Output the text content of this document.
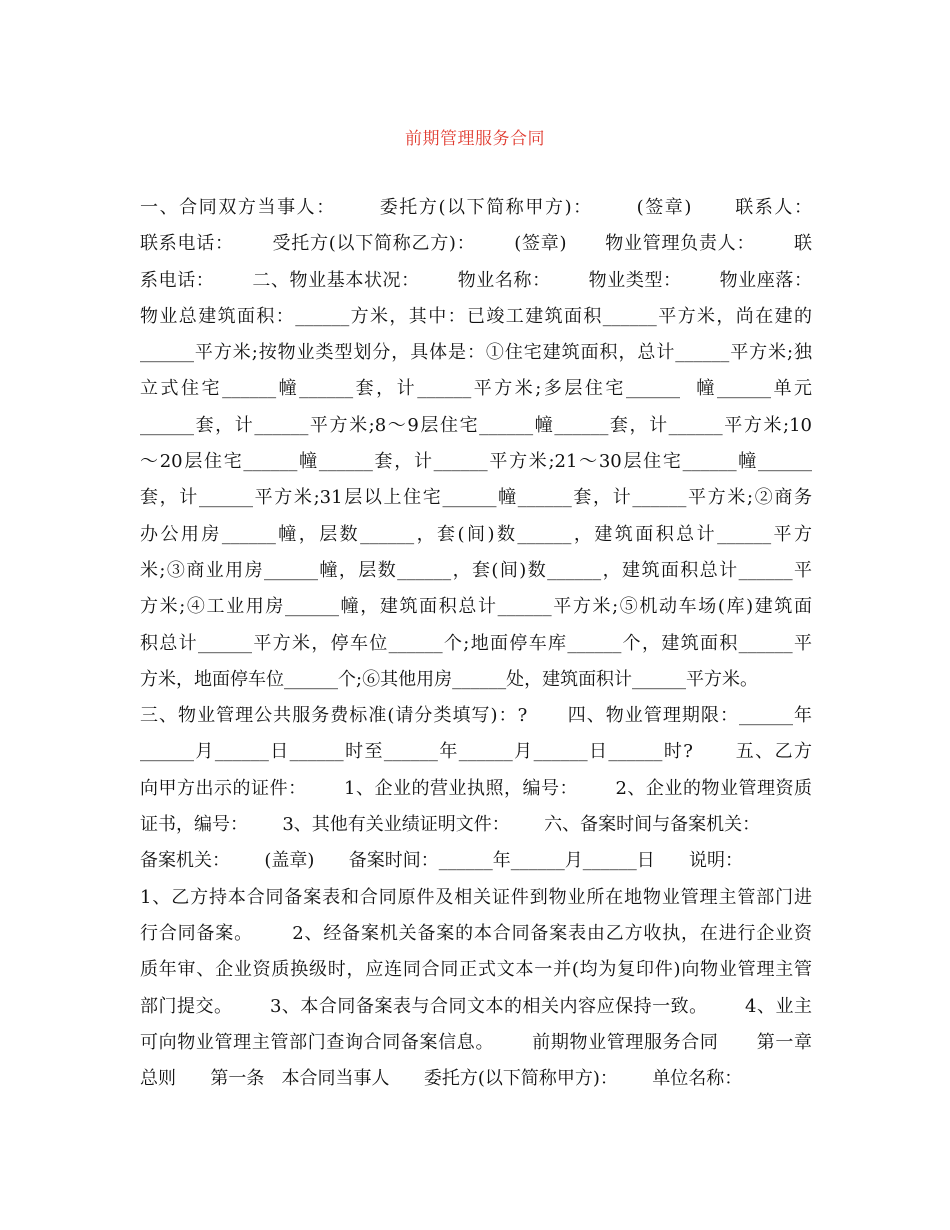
前期管理服务合同
一、合同双方当事人：      委托方(以下简称甲方)：      (签章)      联系人：
联系电话：      受托方(以下简称乙方)：      (签章)      物业管理负责人：      联
系电话：      二、物业基本状况：      物业名称：      物业类型：      物业座落：
物业总建筑面积：______方米，其中：已竣工建筑面积______平方米，尚在建的
______平方米;按物业类型划分，具体是：①住宅建筑面积，总计______平方米;独
立式住宅______幢______套，计______平方米;多层住宅______  幢______单元
______套，计______平方米;8～9层住宅______幢______套，计______平方米;10
～20层住宅______幢______套，计______平方米;21～30层住宅______幢______
套，计______平方米;31层以上住宅______幢______套，计______平方米;②商务
办公用房______幢，层数______，套(间)数______，建筑面积总计______平方
米;③商业用房______幢，层数______，套(间)数______，建筑面积总计______平
方米;④工业用房______幢，建筑面积总计______平方米;⑤机动车场(库)建筑面
积总计______平方米，停车位______个;地面停车库______个，建筑面积______平
方米，地面停车位______个;⑥其他用房______处，建筑面积计______平方米。
三、物业管理公共服务费标准(请分类填写)：?      四、物业管理期限：______年
______月______日______时至______年______月______日______时?      五、乙方
向甲方出示的证件：      1、企业的营业执照，编号：      2、企业的物业管理资质
证书，编号：      3、其他有关业绩证明文件：      六、备案时间与备案机关：
备案机关：      (盖章)      备案时间：______年______月______日      说明：
1、乙方持本合同备案表和合同原件及相关证件到物业所在地物业管理主管部门进
行合同备案。      2、经备案机关备案的本合同备案表由乙方收执，在进行企业资
质年审、企业资质换级时，应连同合同正式文本一并(均为复印件)向物业管理主管
部门提交。      3、本合同备案表与合同文本的相关内容应保持一致。      4、业主
可向物业管理主管部门查询合同备案信息。      前期物业管理服务合同      第一章
总则      第一条   本合同当事人      委托方(以下简称甲方)：      单位名称：
